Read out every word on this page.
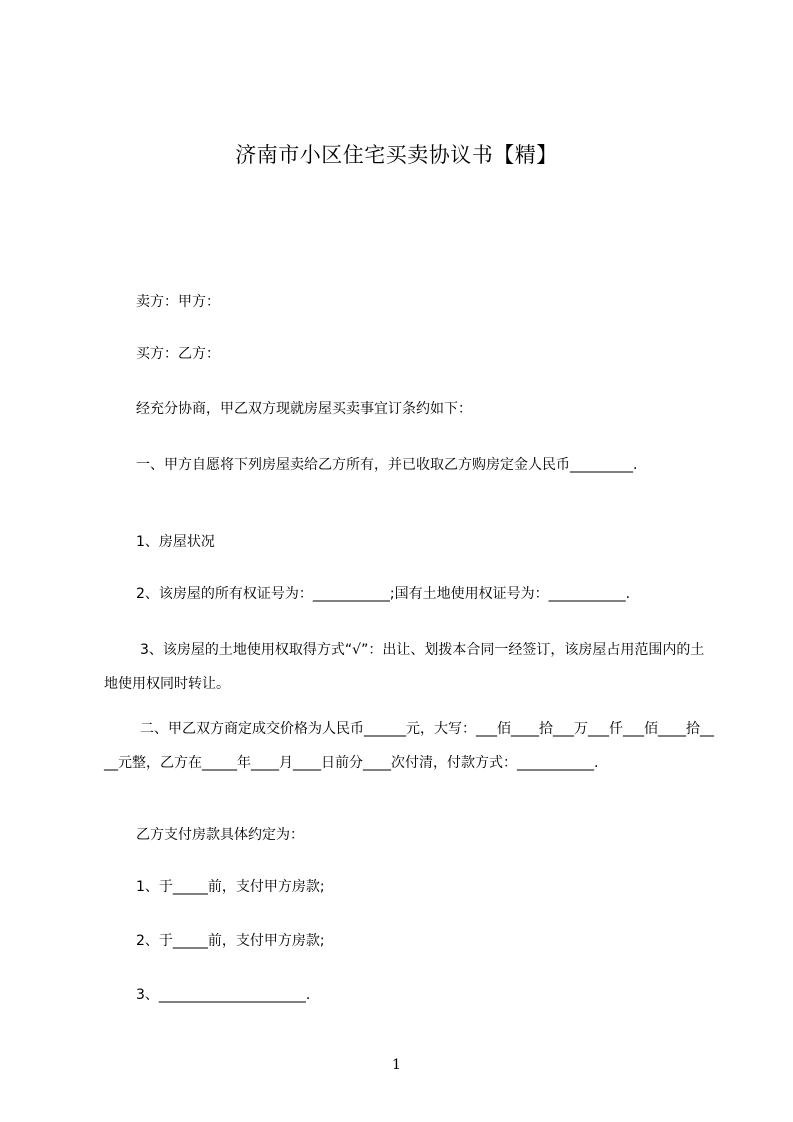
济南市小区住宅买卖协议书【精】
卖方：甲方：
买方：乙方：
经充分协商，甲乙双方现就房屋买卖事宜订条约如下：
一、甲方自愿将下列房屋卖给乙方所有，并已收取乙方购房定金人民币_________.
1、房屋状况
2、该房屋的所有权证号为：___________;国有土地使用权证号为：___________.
3、该房屋的土地使用权取得方式“√”：出让、划拨本合同一经签订，该房屋占用范围内的土地使用权同时转让。
二、甲乙双方商定成交价格为人民币______元，大写：___佰____拾___万___仟___佰____拾____元整，乙方在_____年____月____日前分____次付清，付款方式：___________.
乙方支付房款具体约定为：
1、于_____前，支付甲方房款;
2、于_____前，支付甲方房款;
3、_____________________.
1
